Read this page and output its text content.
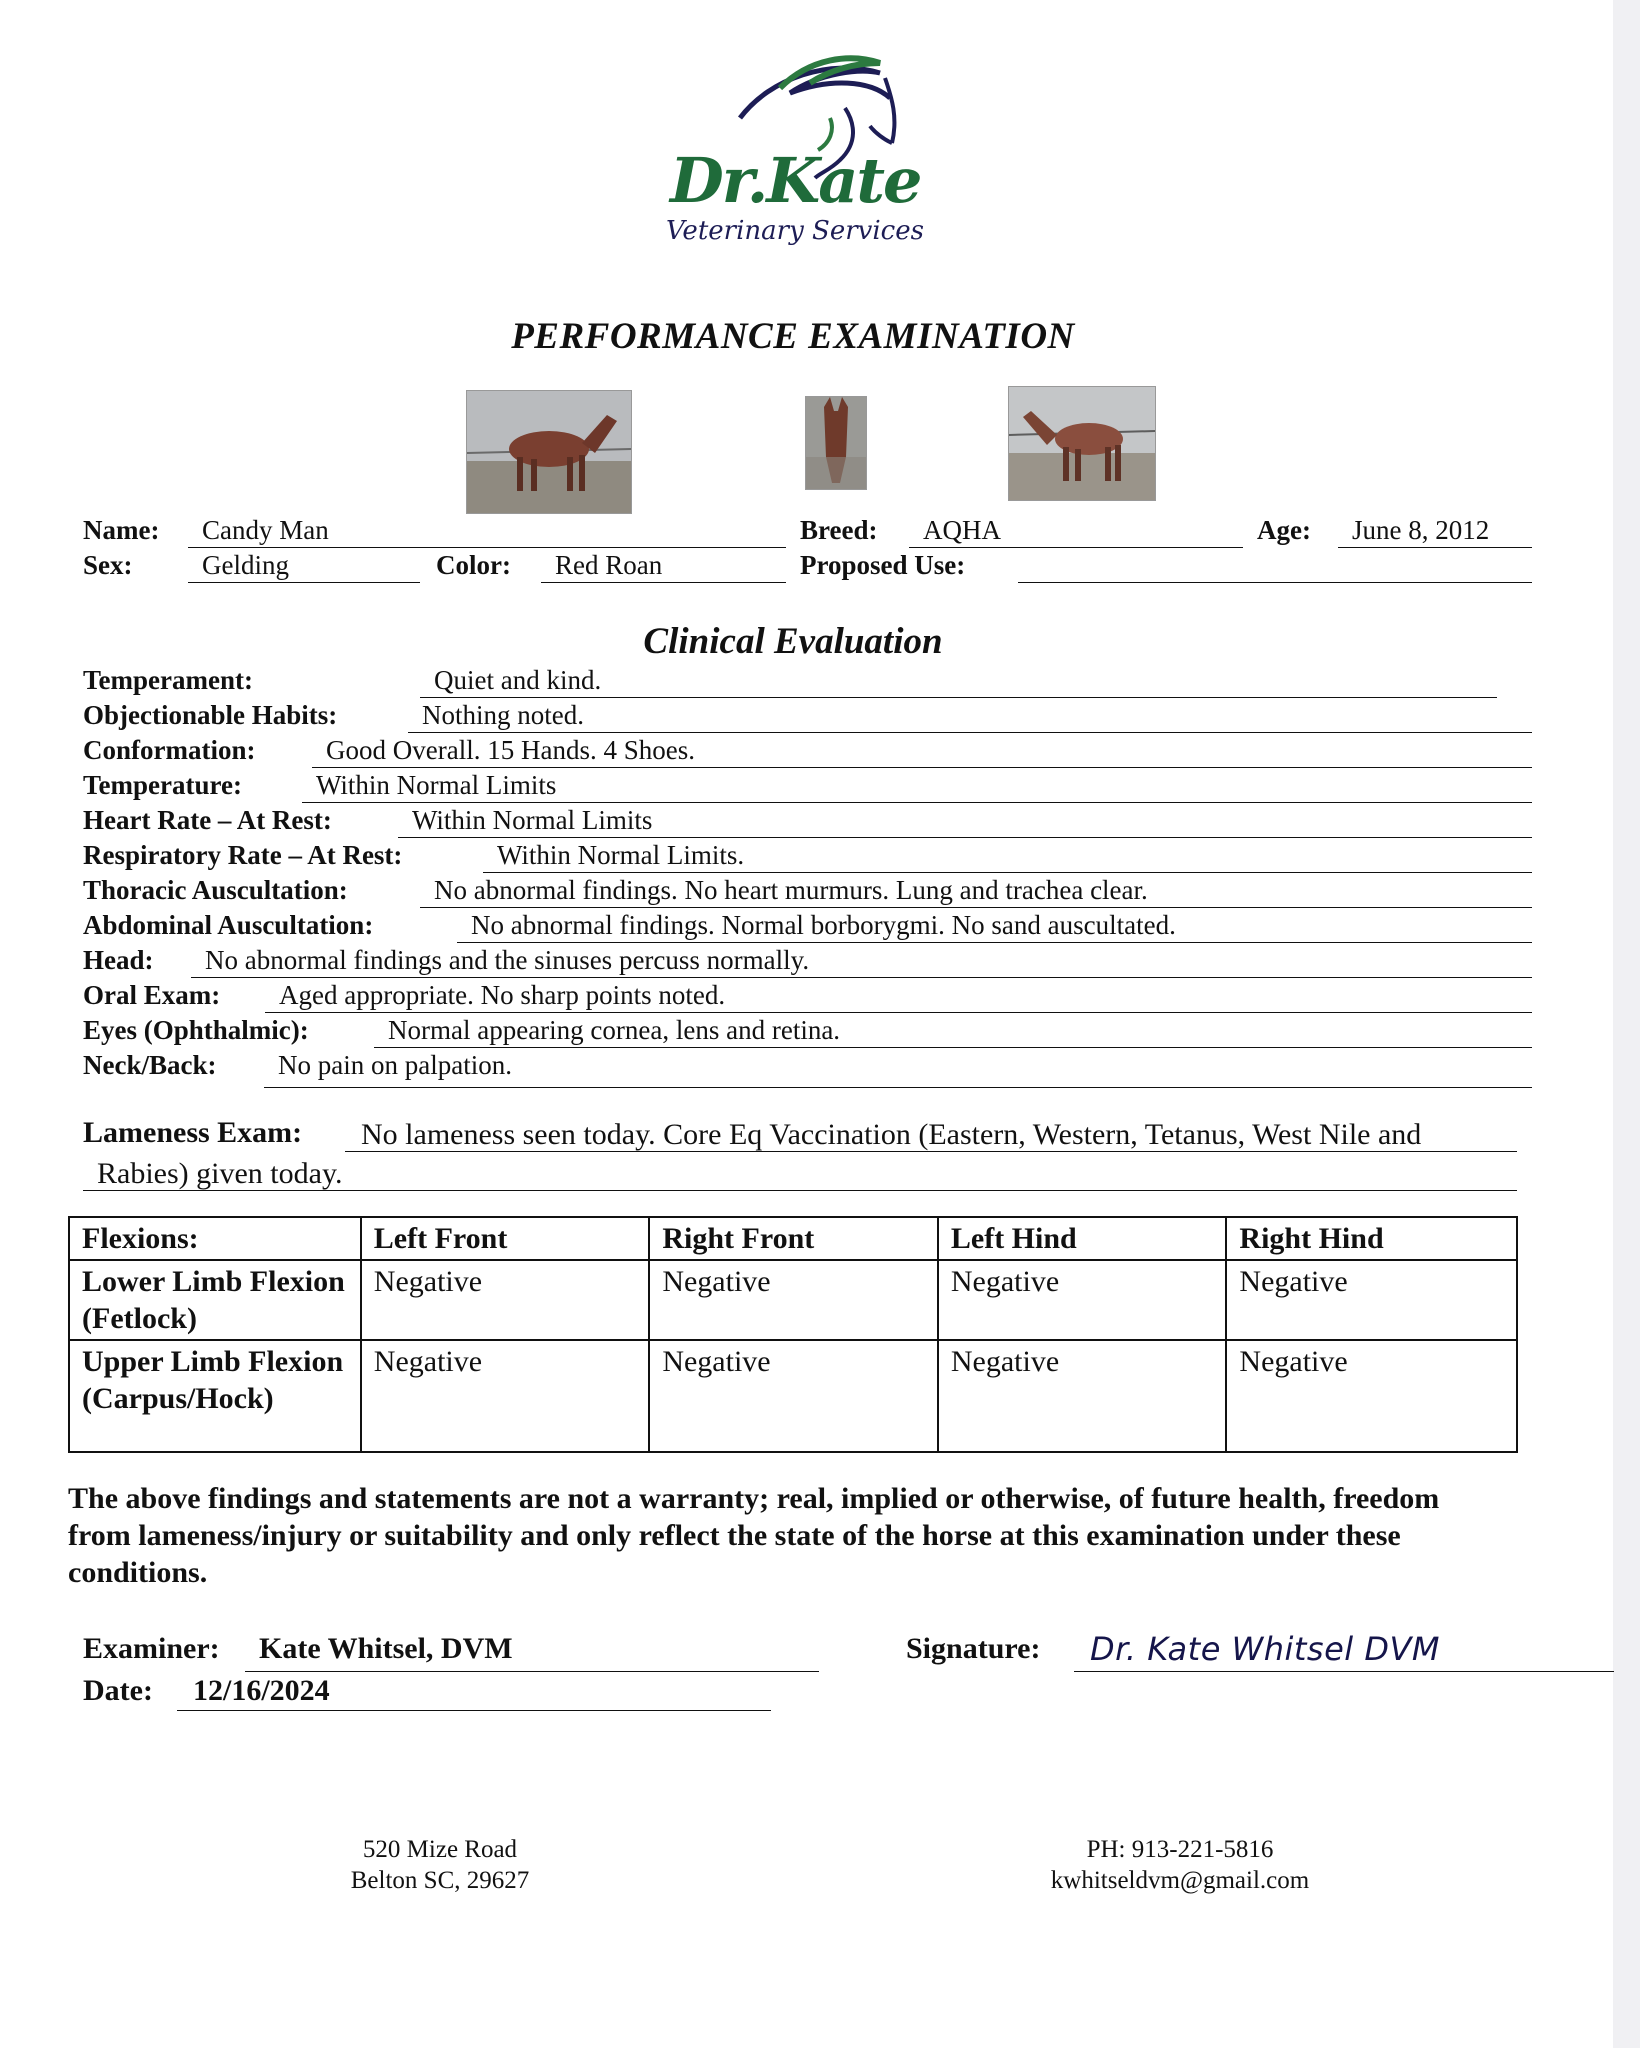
Dr.Kate
Veterinary Services
PERFORMANCE EXAMINATION
Name:	Candy Man	Breed:	AQHA	Age:	June 8, 2012
Sex:	Gelding	Color:	Red Roan	Proposed Use:
Clinical Evaluation
Temperament:	Quiet and kind.
Objectionable Habits:	Nothing noted.
Conformation:	Good Overall. 15 Hands. 4 Shoes.
Temperature:	Within Normal Limits
Heart Rate – At Rest:	Within Normal Limits
Respiratory Rate – At Rest:	Within Normal Limits.
Thoracic Auscultation:	No abnormal findings. No heart murmurs. Lung and trachea clear.
Abdominal Auscultation:	No abnormal findings. Normal borborygmi. No sand auscultated.
Head:	No abnormal findings and the sinuses percuss normally.
Oral Exam:	Aged appropriate. No sharp points noted.
Eyes (Ophthalmic):	Normal appearing cornea, lens and retina.
Neck/Back:	No pain on palpation.
Lameness Exam:	No lameness seen today. Core Eq Vaccination (Eastern, Western, Tetanus, West Nile and Rabies) given today.
Flexions:	Left Front	Right Front	Left Hind	Right Hind
Lower Limb Flexion (Fetlock)	Negative	Negative	Negative	Negative
Upper Limb Flexion (Carpus/Hock)	Negative	Negative	Negative	Negative
The above findings and statements are not a warranty; real, implied or otherwise, of future health, freedom from lameness/injury or suitability and only reflect the state of the horse at this examination under these conditions.
Examiner:	Kate Whitsel, DVM	Signature: Dr. Kate Whitsel DVM
Date:	12/16/2024
520 Mize Road
Belton SC, 29627
PH: 913-221-5816
kwhitseldvm@gmail.com
